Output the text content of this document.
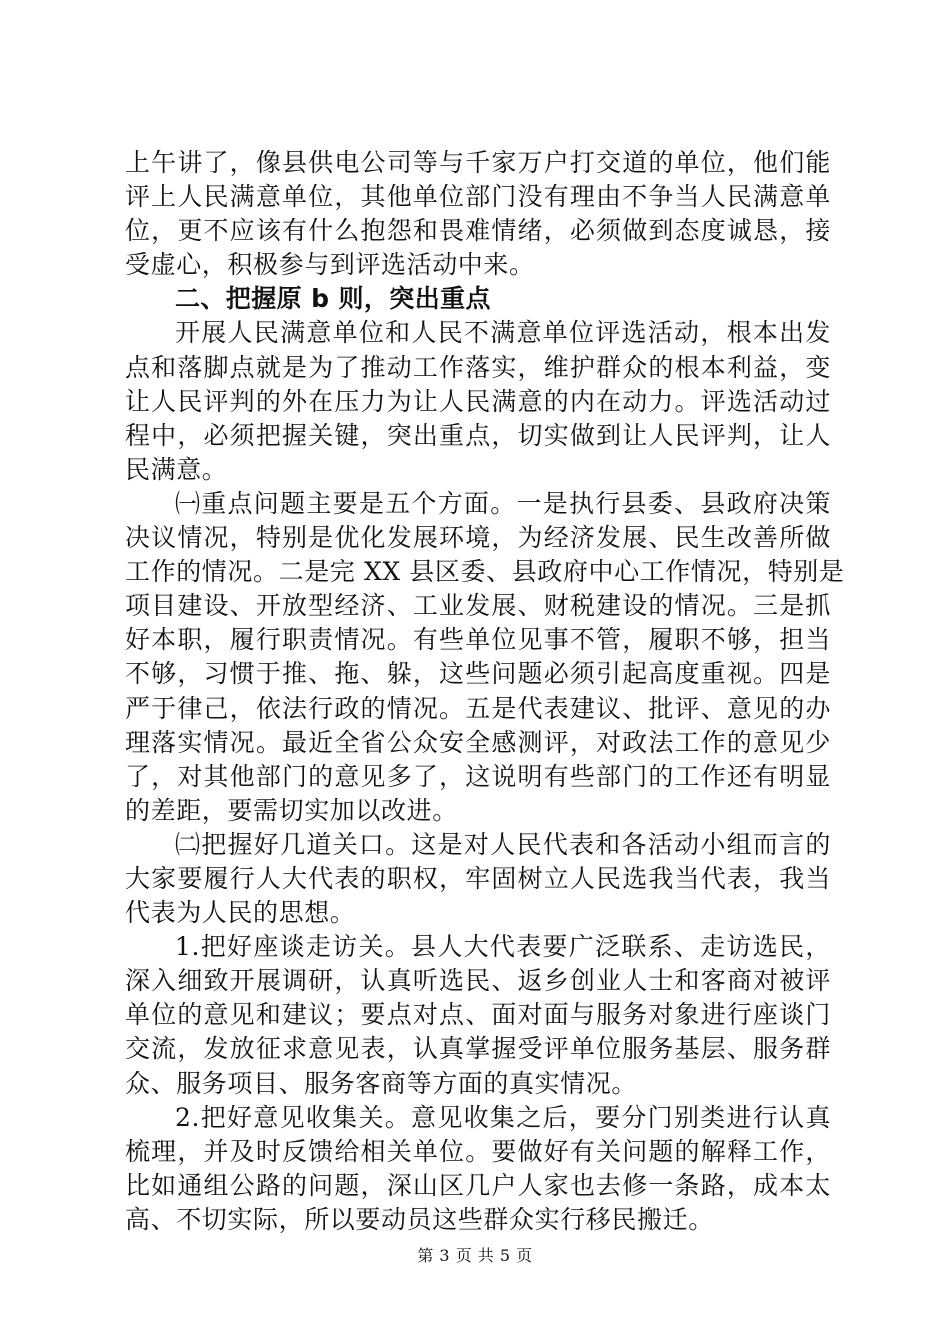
上午讲了，像县供电公司等与千家万户打交道的单位，他们能
评上人民满意单位，其他单位部门没有理由不争当人民满意单
位，更不应该有什么抱怨和畏难情绪，必须做到态度诚恳，接
受虚心，积极参与到评选活动中来。
二、把握原 b 则，突出重点
开展人民满意单位和人民不满意单位评选活动，根本出发
点和落脚点就是为了推动工作落实，维护群众的根本利益，变
让人民评判的外在压力为让人民满意的内在动力。评选活动过
程中，必须把握关键，突出重点，切实做到让人民评判，让人
民满意。
㈠重点问题主要是五个方面。一是执行县委、县政府决策
决议情况，特别是优化发展环境，为经济发展、民生改善所做
工作的情况。二是完 XX 县区委、县政府中心工作情况，特别是
项目建设、开放型经济、工业发展、财税建设的情况。三是抓
好本职，履行职责情况。有些单位见事不管，履职不够，担当
不够，习惯于推、拖、躲，这些问题必须引起高度重视。四是
严于律己，依法行政的情况。五是代表建议、批评、意见的办
理落实情况。最近全省公众安全感测评，对政法工作的意见少
了，对其他部门的意见多了，这说明有些部门的工作还有明显
的差距，要需切实加以改进。
㈡把握好几道关口。这是对人民代表和各活动小组而言的
大家要履行人大代表的职权，牢固树立人民选我当代表，我当
代表为人民的思想。
1.把好座谈走访关。县人大代表要广泛联系、走访选民，
深入细致开展调研，认真听选民、返乡创业人士和客商对被评
单位的意见和建议；要点对点、面对面与服务对象进行座谈门
交流，发放征求意见表，认真掌握受评单位服务基层、服务群
众、服务项目、服务客商等方面的真实情况。
2.把好意见收集关。意见收集之后，要分门别类进行认真
梳理，并及时反馈给相关单位。要做好有关问题的解释工作，
比如通组公路的问题，深山区几户人家也去修一条路，成本太
高、不切实际，所以要动员这些群众实行移民搬迁。
第 3 页 共 5 页
